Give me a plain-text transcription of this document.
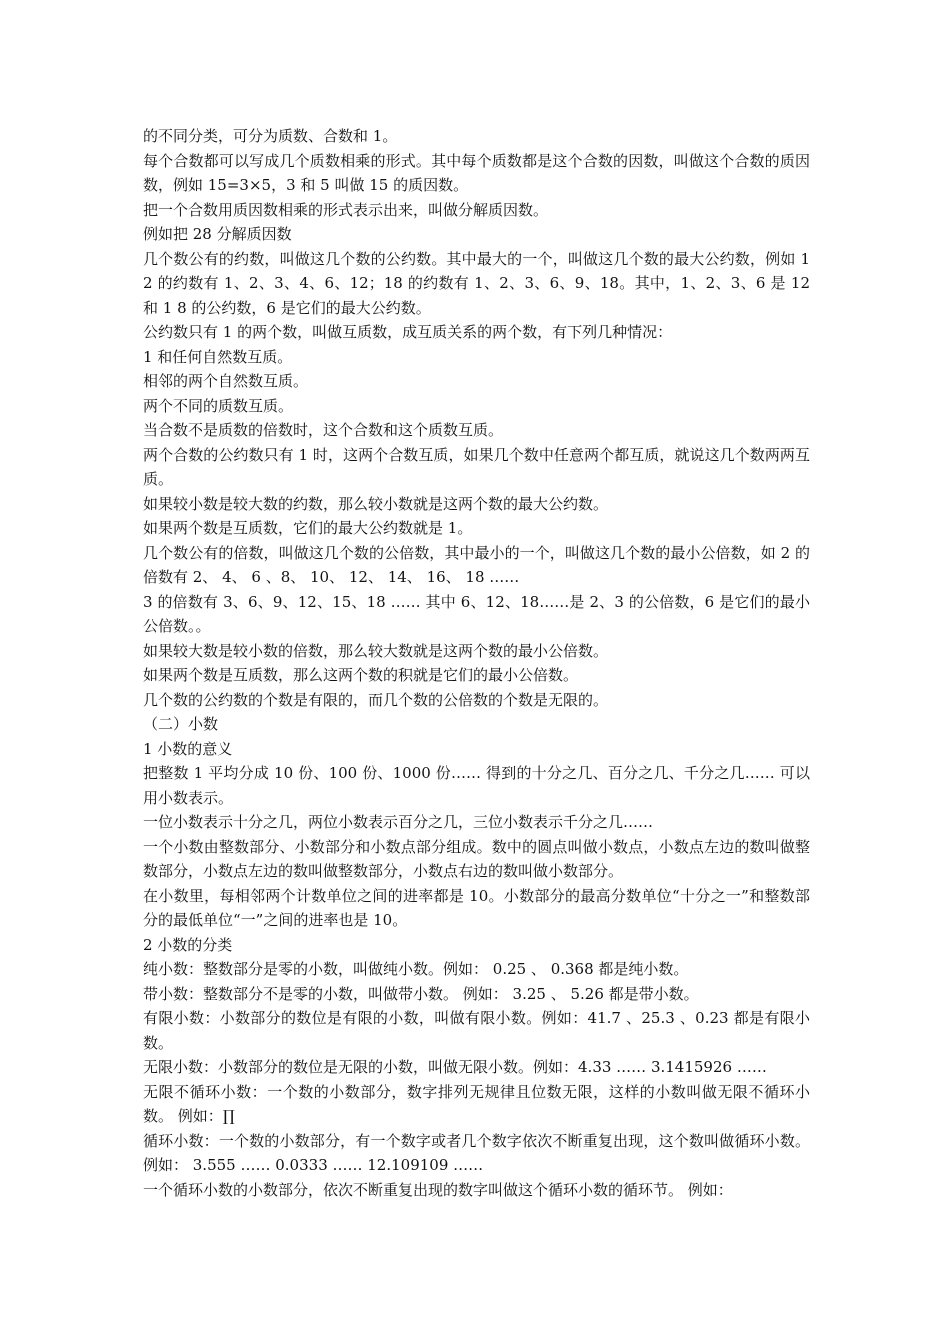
的不同分类，可分为质数、合数和 1。

每个合数都可以写成几个质数相乘的形式。其中每个质数都是这个合数的因数，叫做这个合数的质因数，例如 15=3×5，3 和 5 叫做 15 的质因数。

把一个合数用质因数相乘的形式表示出来，叫做分解质因数。

例如把 28 分解质因数

几个数公有的约数，叫做这几个数的公约数。其中最大的一个，叫做这几个数的最大公约数，例如 12 的约数有 1、2、3、4、6、12；18 的约数有 1、2、3、6、9、18。其中，1、2、3、6 是 12 和 1 8 的公约数，6 是它们的最大公约数。

公约数只有 1 的两个数，叫做互质数，成互质关系的两个数，有下列几种情况：

1 和任何自然数互质。

相邻的两个自然数互质。

两个不同的质数互质。

当合数不是质数的倍数时，这个合数和这个质数互质。

两个合数的公约数只有 1 时，这两个合数互质，如果几个数中任意两个都互质，就说这几个数两两互质。

如果较小数是较大数的约数，那么较小数就是这两个数的最大公约数。

如果两个数是互质数，它们的最大公约数就是 1。

几个数公有的倍数，叫做这几个数的公倍数，其中最小的一个，叫做这几个数的最小公倍数，如 2 的倍数有 2、 4、 6 、8、 10、 12、 14、 16、 18 ……

3 的倍数有 3、6、9、12、15、18 …… 其中 6、12、18……是 2、3 的公倍数，6 是它们的最小公倍数。。

如果较大数是较小数的倍数，那么较大数就是这两个数的最小公倍数。

如果两个数是互质数，那么这两个数的积就是它们的最小公倍数。

几个数的公约数的个数是有限的，而几个数的公倍数的个数是无限的。

（二）小数

1 小数的意义

把整数 1 平均分成 10 份、100 份、1000 份…… 得到的十分之几、百分之几、千分之几…… 可以用小数表示。

一位小数表示十分之几，两位小数表示百分之几，三位小数表示千分之几……

一个小数由整数部分、小数部分和小数点部分组成。数中的圆点叫做小数点，小数点左边的数叫做整数部分，小数点左边的数叫做整数部分，小数点右边的数叫做小数部分。

在小数里，每相邻两个计数单位之间的进率都是 10。小数部分的最高分数单位“十分之一”和整数部分的最低单位“一”之间的进率也是 10。

2 小数的分类

纯小数：整数部分是零的小数，叫做纯小数。例如： 0.25 、 0.368 都是纯小数。

带小数：整数部分不是零的小数，叫做带小数。 例如： 3.25 、 5.26 都是带小数。

有限小数：小数部分的数位是有限的小数，叫做有限小数。例如：41.7 、25.3 、0.23 都是有限小数。

无限小数：小数部分的数位是无限的小数，叫做无限小数。例如：4.33 …… 3.1415926 ……

无限不循环小数：一个数的小数部分，数字排列无规律且位数无限，这样的小数叫做无限不循环小数。 例如：∏

循环小数：一个数的小数部分，有一个数字或者几个数字依次不断重复出现，这个数叫做循环小数。 例如： 3.555 …… 0.0333 …… 12.109109 ……

一个循环小数的小数部分，依次不断重复出现的数字叫做这个循环小数的循环节。 例如：
